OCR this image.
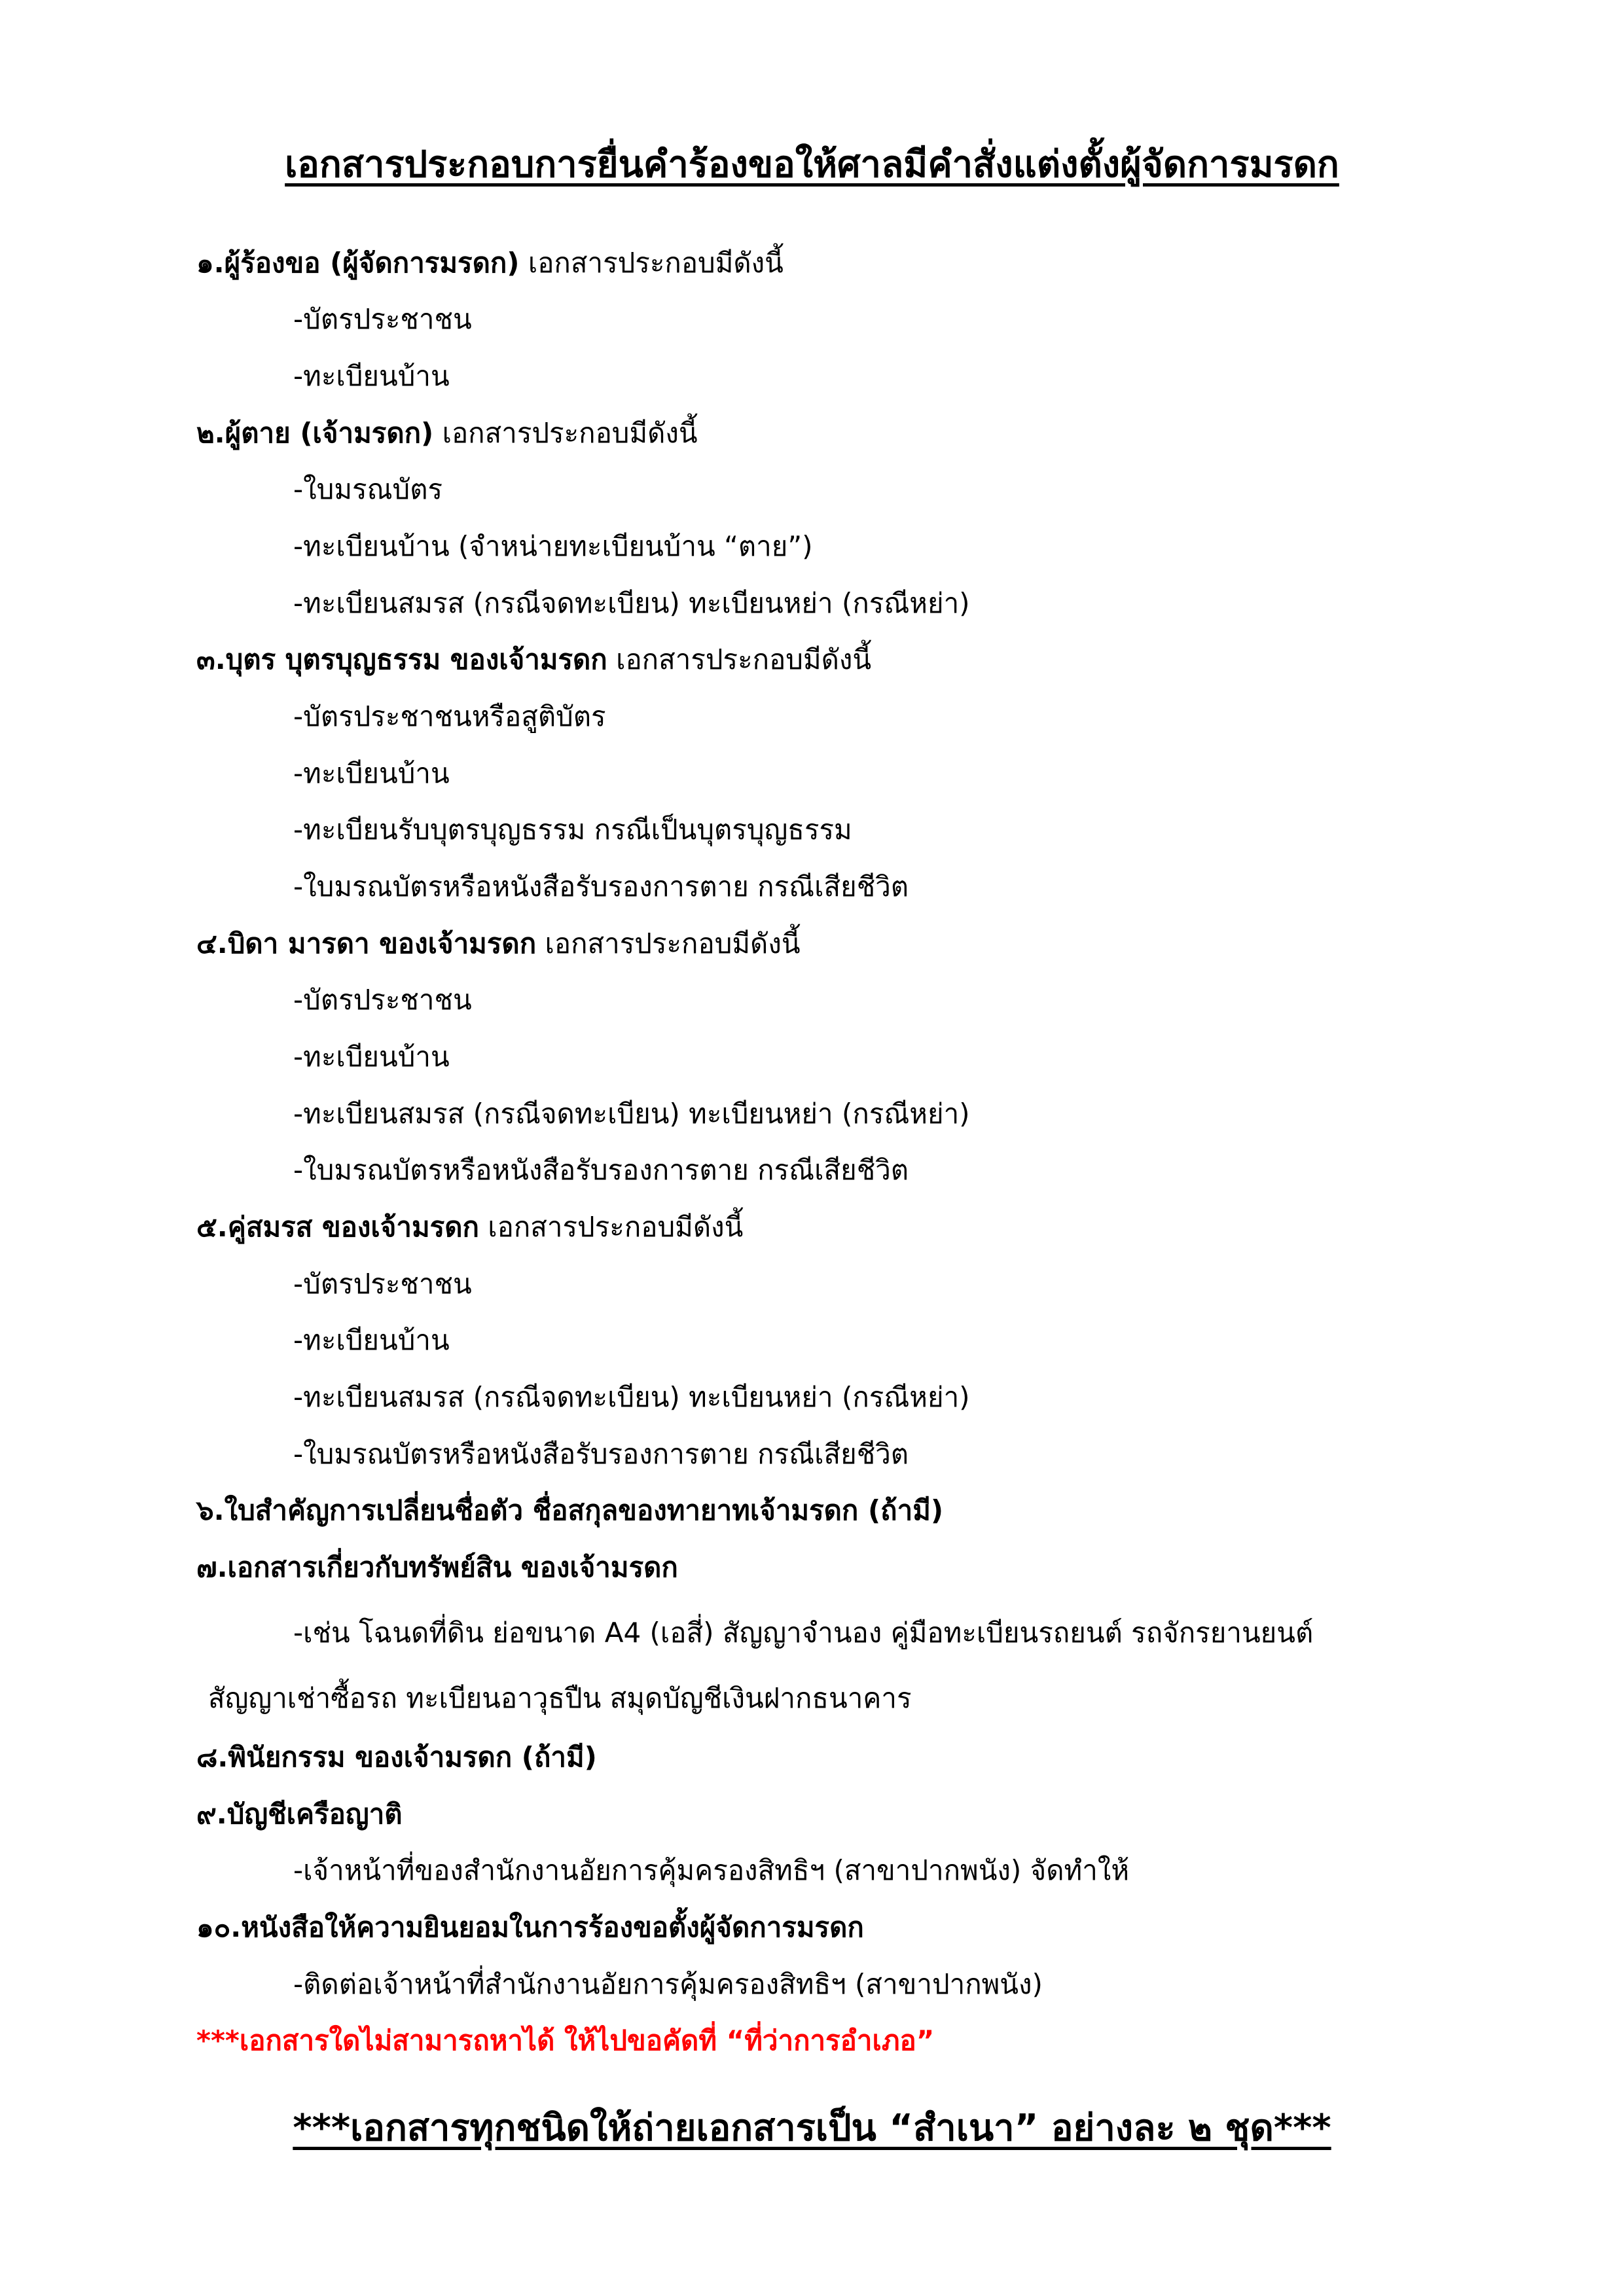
เอกสารประกอบการยื่นคำร้องขอให้ศาลมีคำสั่งแต่งตั้งผู้จัดการมรดก
๑.ผู้ร้องขอ (ผู้จัดการมรดก) เอกสารประกอบมีดังนี้
-บัตรประชาชน
-ทะเบียนบ้าน
๒.ผู้ตาย (เจ้ามรดก) เอกสารประกอบมีดังนี้
-ใบมรณบัตร
-ทะเบียนบ้าน (จำหน่ายทะเบียนบ้าน “ตาย”)
-ทะเบียนสมรส (กรณีจดทะเบียน) ทะเบียนหย่า (กรณีหย่า)
๓.บุตร บุตรบุญธรรม ของเจ้ามรดก เอกสารประกอบมีดังนี้
-บัตรประชาชนหรือสูติบัตร
-ทะเบียนบ้าน
-ทะเบียนรับบุตรบุญธรรม กรณีเป็นบุตรบุญธรรม
-ใบมรณบัตรหรือหนังสือรับรองการตาย กรณีเสียชีวิต
๔.บิดา มารดา ของเจ้ามรดก เอกสารประกอบมีดังนี้
-บัตรประชาชน
-ทะเบียนบ้าน
-ทะเบียนสมรส (กรณีจดทะเบียน) ทะเบียนหย่า (กรณีหย่า)
-ใบมรณบัตรหรือหนังสือรับรองการตาย กรณีเสียชีวิต
๕.คู่สมรส ของเจ้ามรดก เอกสารประกอบมีดังนี้
-บัตรประชาชน
-ทะเบียนบ้าน
-ทะเบียนสมรส (กรณีจดทะเบียน) ทะเบียนหย่า (กรณีหย่า)
-ใบมรณบัตรหรือหนังสือรับรองการตาย กรณีเสียชีวิต
๖.ใบสำคัญการเปลี่ยนชื่อตัว ชื่อสกุลของทายาทเจ้ามรดก (ถ้ามี)
๗.เอกสารเกี่ยวกับทรัพย์สิน ของเจ้ามรดก
-เช่น โฉนดที่ดิน ย่อขนาด A4 (เอสี่) สัญญาจำนอง คู่มือทะเบียนรถยนต์ รถจักรยานยนต์
สัญญาเช่าซื้อรถ ทะเบียนอาวุธปืน สมุดบัญชีเงินฝากธนาคาร
๘.พินัยกรรม ของเจ้ามรดก (ถ้ามี)
๙.บัญชีเครือญาติ
-เจ้าหน้าที่ของสำนักงานอัยการคุ้มครองสิทธิฯ (สาขาปากพนัง) จัดทำให้
๑๐.หนังสือให้ความยินยอมในการร้องขอตั้งผู้จัดการมรดก
-ติดต่อเจ้าหน้าที่สำนักงานอัยการคุ้มครองสิทธิฯ (สาขาปากพนัง)
***เอกสารใดไม่สามารถหาได้ ให้ไปขอคัดที่ “ที่ว่าการอำเภอ”
***เอกสารทุกชนิดให้ถ่ายเอกสารเป็น “สำเนา” อย่างละ ๒ ชุด***
